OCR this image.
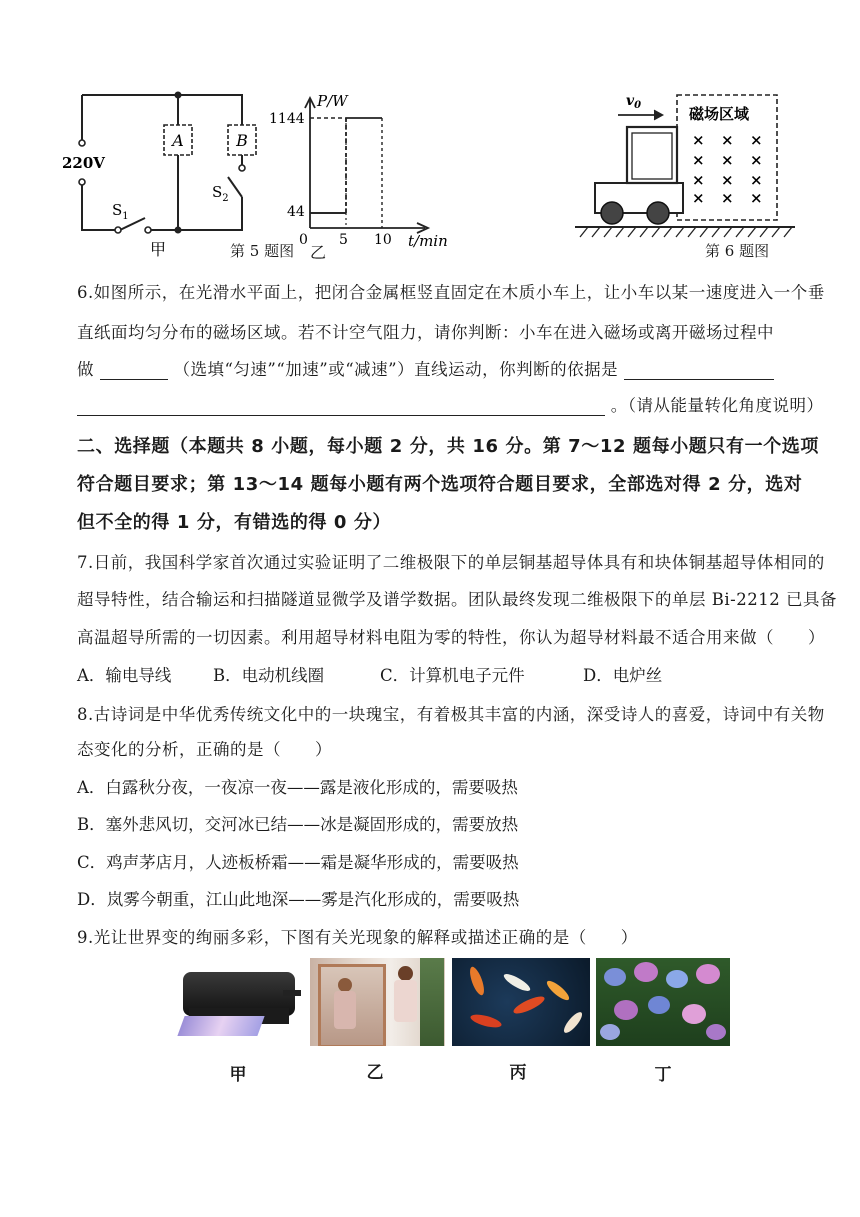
A	B
220V
$S_1$
$S_2$
甲
P/W
1144
44
0 5 10 t/min
第 5 题图 乙
磁场区域
× × ×
× × ×
× × ×
× × ×
$v_0$
第 6 题图
6.如图所示，在光滑水平面上，把闭合金属框竖直固定在木质小车上，让小车以某一速度进入一个垂
直纸面均匀分布的磁场区域。若不计空气阻力，请你判断：小车在进入磁场或离开磁场过程中
做	（选填“匀速”“加速”或“减速”）直线运动，你判断的依据是
。（请从能量转化角度说明）
二、选择题（本题共 8 小题，每小题 2 分，共 16 分。第 7～12 题每小题只有一个选项
符合题目要求；第 13～14 题每小题有两个选项符合题目要求，全部选对得 2 分，选对
但不全的得 1 分，有错选的得 0 分）
7.日前，我国科学家首次通过实验证明了二维极限下的单层铜基超导体具有和块体铜基超导体相同的
超导特性，结合输运和扫描隧道显微学及谱学数据。团队最终发现二维极限下的单层 Bi-2212 已具备
高温超导所需的一切因素。利用超导材料电阻为零的特性，你认为超导材料最不适合用来做（　　）
A．输电导线	B．电动机线圈	C．计算机电子元件	D．电炉丝
8.古诗词是中华优秀传统文化中的一块瑰宝，有着极其丰富的内涵，深受诗人的喜爱，诗词中有关物
态变化的分析，正确的是（　　）
A．白露秋分夜，一夜凉一夜——露是液化形成的，需要吸热
B．塞外悲风切，交河冰已结——冰是凝固形成的，需要放热
C．鸡声茅店月，人迹板桥霜——霜是凝华形成的，需要吸热
D．岚雾今朝重，江山此地深——雾是汽化形成的，需要吸热
9.光让世界变的绚丽多彩，下图有关光现象的解释或描述正确的是（　　）
甲	乙	丙	丁
